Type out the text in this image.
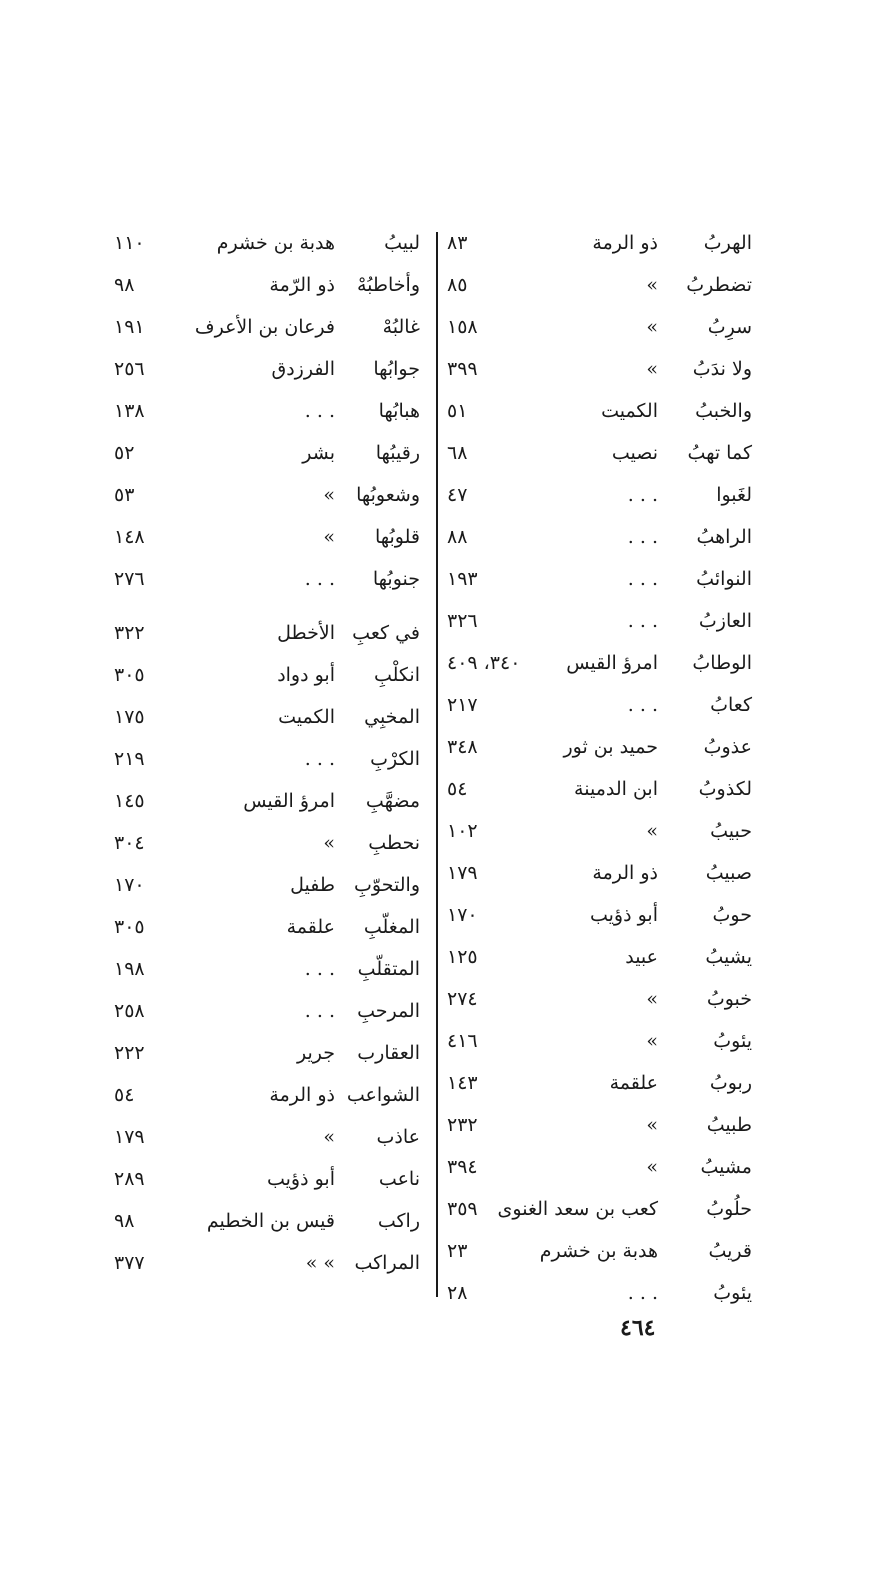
الهربُ
ذو الرمة
٨٣
تضطربُ
»
٨٥
سرِبُ
»
١٥٨
ولا ندَبُ
»
٣٩٩
والخببُ
الكميت
٥١
كما تهبُ
نصيب
٦٨
لغَبوا
. . .
٤٧
الراهبُ
. . .
٨٨
النوائبُ
. . .
١٩٣
العازبُ
. . .
٣٢٦
الوطابُ
امرؤ القيس
٣٤٠، ٤٠٩
كعابُ
. . .
٢١٧
عذوبُ
حميد بن ثور
٣٤٨
لكذوبُ
ابن الدمينة
٥٤
حبيبُ
»
١٠٢
صبيبُ
ذو الرمة
١٧٩
حوبُ
أبو ذؤيب
١٧٠
يشيبُ
عبيد
١٢٥
خبوبُ
»
٢٧٤
يئوبُ
»
٤١٦
ربوبُ
علقمة
١٤٣
طبيبُ
»
٢٣٢
مشيبُ
»
٣٩٤
حلُوبُ
كعب بن سعد الغنوى
٣٥٩
قريبُ
هدبة بن خشرم
٢٣
يئوبُ
. . .
٢٨
لبيبُ
هدبة بن خشرم
١١٠
وأخاطبُهْ
ذو الرّمة
٩٨
غالبُهْ
فرعان بن الأعرف
١٩١
جوابُها
الفرزدق
٢٥٦
هبابُها
. . .
١٣٨
رقيبُها
بشر
٥٢
وشعوبُها
»
٥٣
قلوبُها
»
١٤٨
جنوبُها
. . .
٢٧٦
في كعبِ
الأخطل
٣٢٢
انكلْبِ
أبو دواد
٣٠٥
المخبِي
الكميت
١٧٥
الكرْبِ
. . .
٢١٩
مضهَّبِ
امرؤ القيس
١٤٥
نحطبِ
»
٣٠٤
والتحوّبِ
طفيل
١٧٠
المغلّبِ
علقمة
٣٠٥
المتقلّبِ
. . .
١٩٨
المرحبِ
. . .
٢٥٨
العقارب
جرير
٢٢٢
الشواعب
ذو الرمة
٥٤
عاذب
»
١٧٩
ناعب
أبو ذؤيب
٢٨٩
راكب
قيس بن الخطيم
٩٨
المراكب
» »
٣٧٧
٤٦٤
